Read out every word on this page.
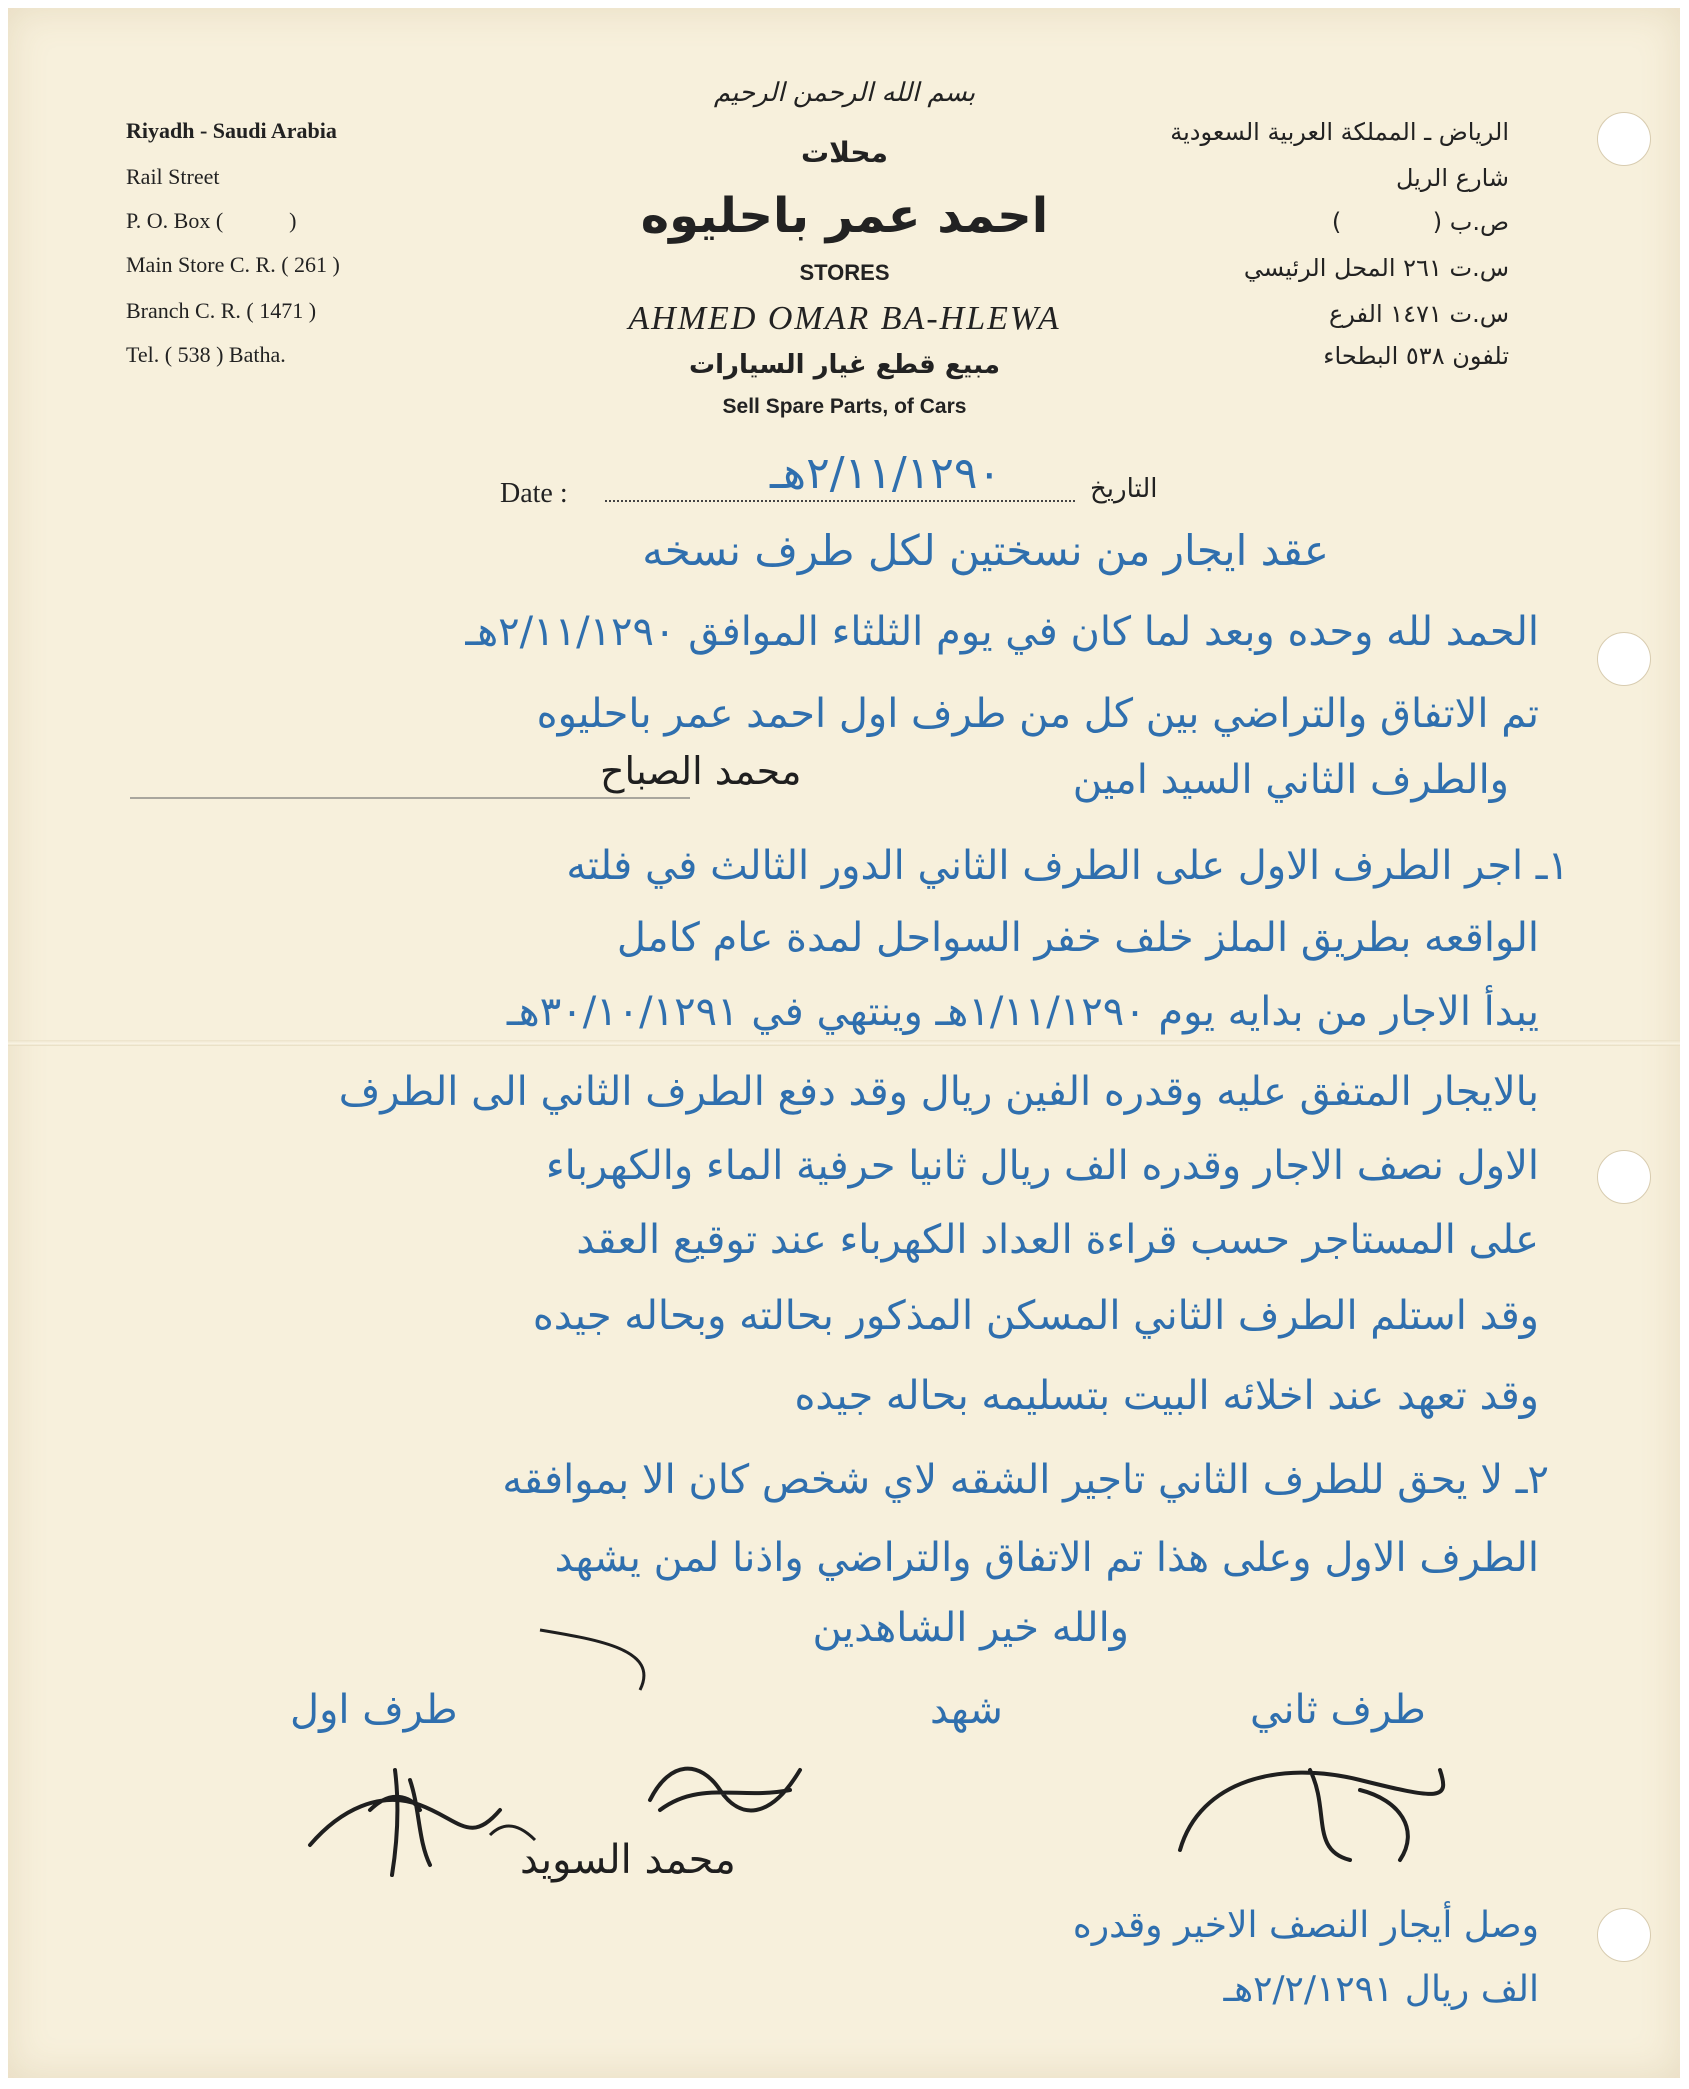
Riyadh - Saudi Arabia
Rail Street
P. O. Box (            )
Main Store C. R. ( 261 )
Branch C. R. ( 1471 )
Tel. ( 538 ) Batha.
الرياض ـ المملكة العربية السعودية
شارع الريل
ص.ب (            )
س.ت ٢٦١ المحل الرئيسي
س.ت ١٤٧١ الفرع
تلفون ٥٣٨ البطحاء
بسم الله الرحمن الرحيم
محلات
احمد عمر باحليوه
STORES
AHMED OMAR BA-HLEWA
مبيع قطع غيار السيارات
Sell Spare Parts, of Cars
Date :	التاريخ
٢/١١/١٢٩٠هـ
عقد ايجار من نسختين لكل طرف نسخه
الحمد لله وحده وبعد لما كان في يوم الثلثاء الموافق ٢/١١/١٢٩٠هـ
تم الاتفاق والتراضي بين كل من طرف اول احمد عمر باحليوه
والطرف الثاني السيد امين
محمد الصباح
١ـ اجر الطرف الاول على الطرف الثاني الدور الثالث في فلته
الواقعه بطريق الملز خلف خفر السواحل لمدة عام كامل
يبدأ الاجار من بدايه يوم ١/١١/١٢٩٠هـ وينتهي في ٣٠/١٠/١٢٩١هـ
بالايجار المتفق عليه وقدره الفين ريال وقد دفع الطرف الثاني الى الطرف
الاول نصف الاجار وقدره الف ريال ثانيا حرفية الماء والكهرباء
على المستاجر حسب قراءة العداد الكهرباء عند توقيع العقد
وقد استلم الطرف الثاني المسكن المذكور بحالته وبحاله جيده
وقد تعهد عند اخلائه البيت بتسليمه بحاله جيده
٢ـ لا يحق للطرف الثاني تاجير الشقه لاي شخص كان الا بموافقه
الطرف الاول وعلى هذا تم الاتفاق والتراضي واذنا لمن يشهد
والله خير الشاهدين
طرف اول	شهد	طرف ثاني
محمد السويد
وصل أيجار النصف الاخير وقدره
الف ريال ٢/٢/١٢٩١هـ
